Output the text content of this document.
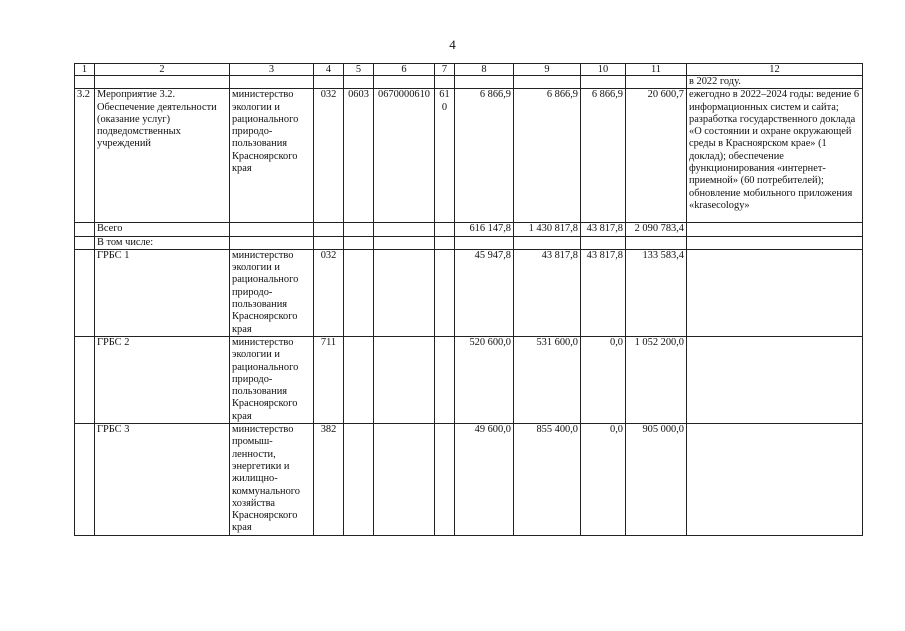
4
1	2	3	4	5	6	7	8	9	10	11	12
											в 2022 году.
3.2	Мероприятие 3.2. Обеспечение деятельности (оказание услуг) подведомственных учреждений	министерство экологии и рационального природо-пользования Красноярского края	032	0603	0670000610	610	6 866,9	6 866,9	6 866,9	20 600,7	ежегодно в 2022–2024 годы: ведение 6 информационных систем и сайта; разработка государственного доклада «О состоянии и охране окружающей среды в Красноярском крае» (1 доклад); обеспечение функционирования «интернет-приемной» (60 потребителей); обновление мобильного приложения «krasecology»
	Всего						616 147,8	1 430 817,8	43 817,8	2 090 783,4	
	В том числе:										
	ГРБС 1	министерство экологии и рационального природо-пользования Красноярского края	032				45 947,8	43 817,8	43 817,8	133 583,4	
	ГРБС 2	министерство экологии и рационального природо-пользования Красноярского края	711				520 600,0	531 600,0	0,0	1 052 200,0	
	ГРБС 3	министерство промыш-ленности, энергетики и жилищно-коммунального хозяйства Красноярского края	382				49 600,0	855 400,0	0,0	905 000,0	
